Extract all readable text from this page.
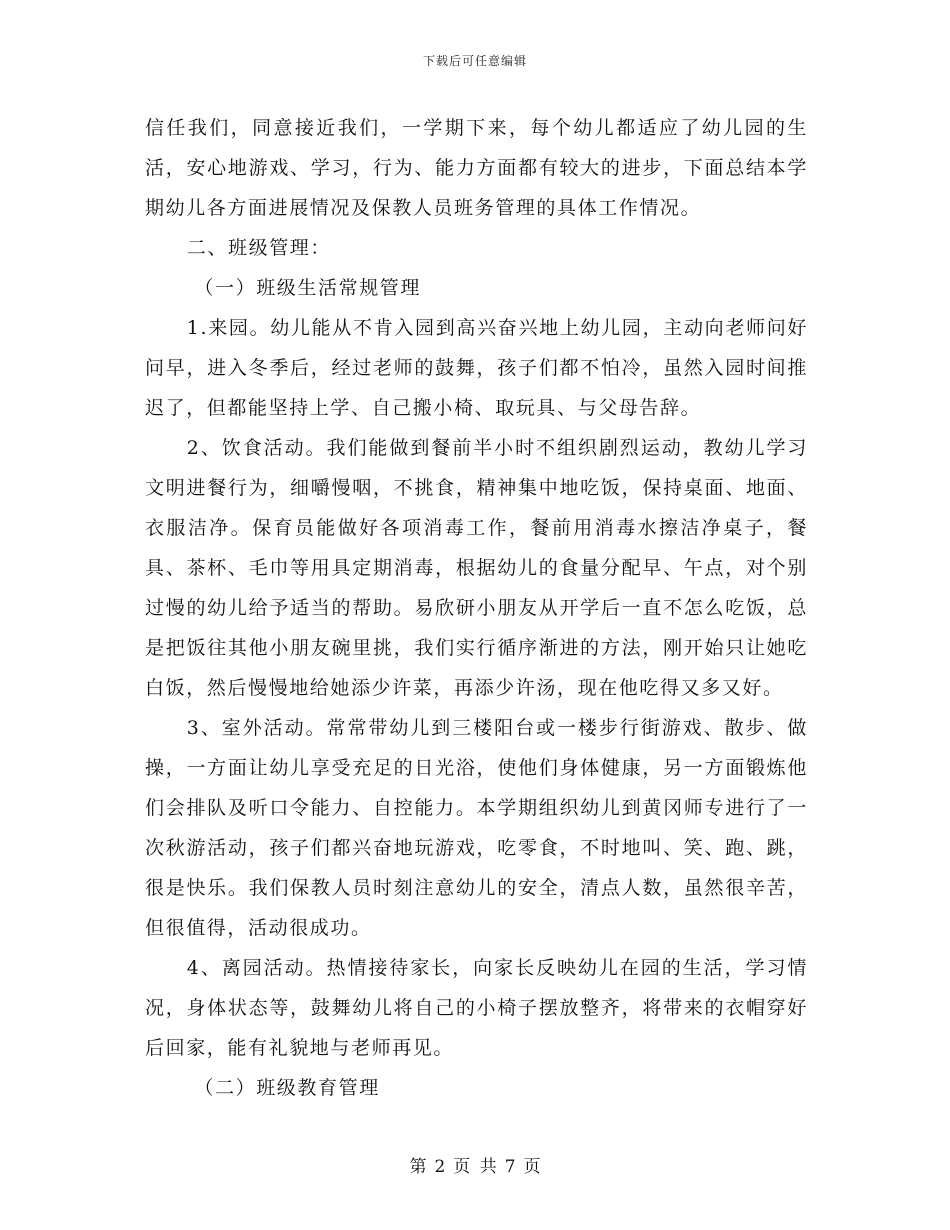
下载后可任意编辑

信任我们，同意接近我们，一学期下来，每个幼儿都适应了幼儿园的生活，安心地游戏、学习，行为、能力方面都有较大的进步，下面总结本学期幼儿各方面进展情况及保教人员班务管理的具体工作情况。

二、班级管理：

（一）班级生活常规管理

1.来园。幼儿能从不肯入园到高兴奋兴地上幼儿园，主动向老师问好问早，进入冬季后，经过老师的鼓舞，孩子们都不怕冷，虽然入园时间推迟了，但都能坚持上学、自己搬小椅、取玩具、与父母告辞。

2、饮食活动。我们能做到餐前半小时不组织剧烈运动，教幼儿学习文明进餐行为，细嚼慢咽，不挑食，精神集中地吃饭，保持桌面、地面、衣服洁净。保育员能做好各项消毒工作，餐前用消毒水擦洁净桌子，餐具、茶杯、毛巾等用具定期消毒，根据幼儿的食量分配早、午点，对个别过慢的幼儿给予适当的帮助。易欣研小朋友从开学后一直不怎么吃饭，总是把饭往其他小朋友碗里挑，我们实行循序渐进的方法，刚开始只让她吃白饭，然后慢慢地给她添少许菜，再添少许汤，现在他吃得又多又好。

3、室外活动。常常带幼儿到三楼阳台或一楼步行街游戏、散步、做操，一方面让幼儿享受充足的日光浴，使他们身体健康，另一方面锻炼他们会排队及听口令能力、自控能力。本学期组织幼儿到黄冈师专进行了一次秋游活动，孩子们都兴奋地玩游戏，吃零食，不时地叫、笑、跑、跳，很是快乐。我们保教人员时刻注意幼儿的安全，清点人数，虽然很辛苦，但很值得，活动很成功。

4、离园活动。热情接待家长，向家长反映幼儿在园的生活，学习情况，身体状态等，鼓舞幼儿将自己的小椅子摆放整齐，将带来的衣帽穿好后回家，能有礼貌地与老师再见。

（二）班级教育管理

第 2 页 共 7 页
